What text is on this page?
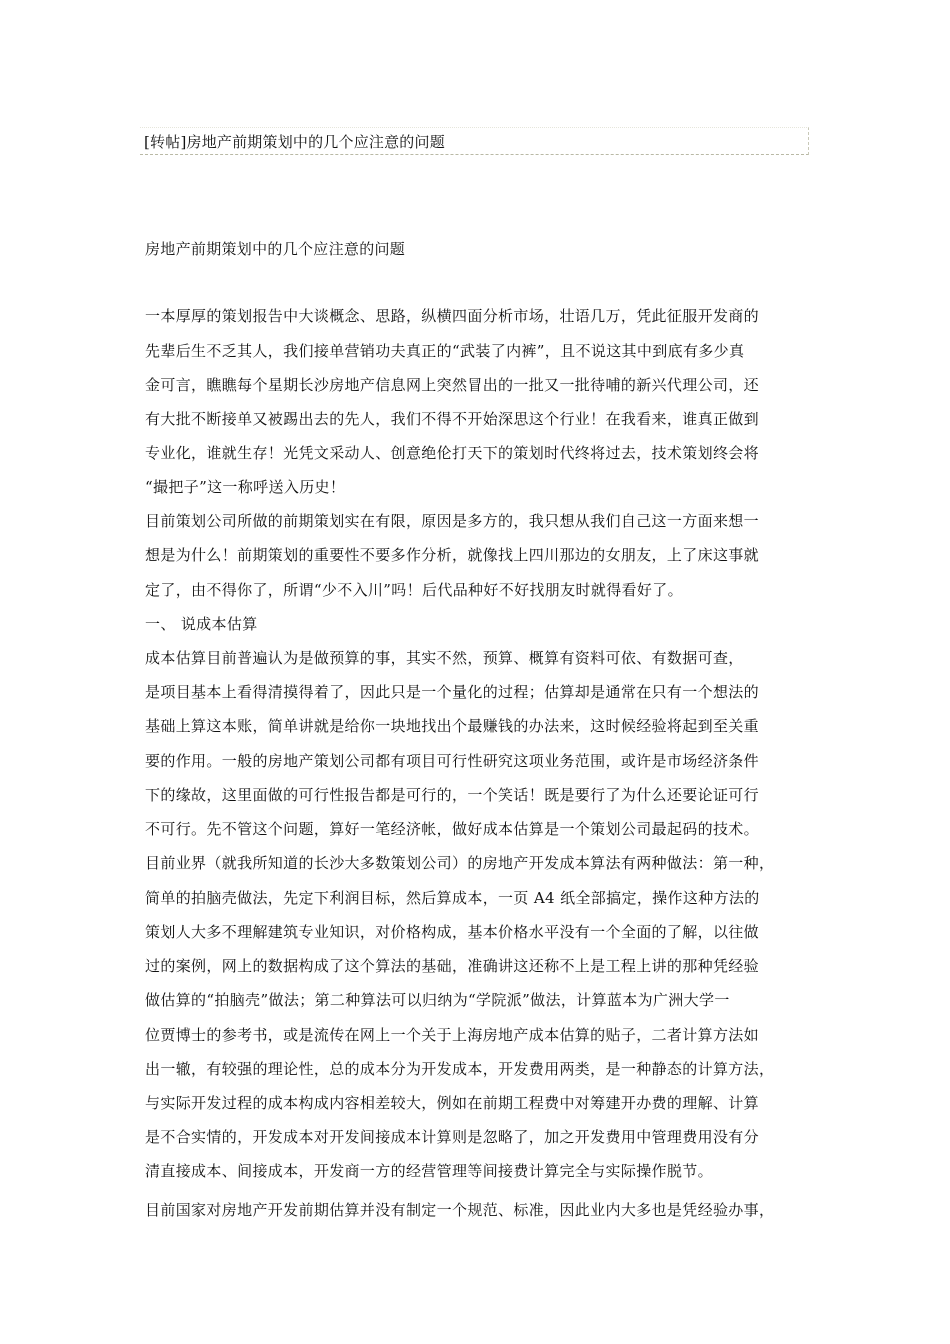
[转帖]房地产前期策划中的几个应注意的问题
房地产前期策划中的几个应注意的问题
一本厚厚的策划报告中大谈概念、思路，纵横四面分析市场，壮语几万，凭此征服开发商的
先辈后生不乏其人，我们接单营销功夫真正的“武装了内裤”，且不说这其中到底有多少真
金可言，瞧瞧每个星期长沙房地产信息网上突然冒出的一批又一批待哺的新兴代理公司，还
有大批不断接单又被踢出去的先人，我们不得不开始深思这个行业！在我看来，谁真正做到
专业化，谁就生存！光凭文采动人、创意绝伦打天下的策划时代终将过去，技术策划终会将
“撮把子”这一称呼送入历史！
目前策划公司所做的前期策划实在有限，原因是多方的，我只想从我们自己这一方面来想一
想是为什么！前期策划的重要性不要多作分析，就像找上四川那边的女朋友，上了床这事就
定了，由不得你了，所谓“少不入川”吗！后代品种好不好找朋友时就得看好了。
一、 说成本估算
成本估算目前普遍认为是做预算的事，其实不然，预算、概算有资料可依、有数据可查，
是项目基本上看得清摸得着了，因此只是一个量化的过程；估算却是通常在只有一个想法的
基础上算这本账，简单讲就是给你一块地找出个最赚钱的办法来，这时候经验将起到至关重
要的作用。一般的房地产策划公司都有项目可行性研究这项业务范围，或许是市场经济条件
下的缘故，这里面做的可行性报告都是可行的，一个笑话！既是要行了为什么还要论证可行
不可行。先不管这个问题，算好一笔经济帐，做好成本估算是一个策划公司最起码的技术。
目前业界（就我所知道的长沙大多数策划公司）的房地产开发成本算法有两种做法：第一种，
简单的拍脑壳做法，先定下利润目标，然后算成本，一页 A4 纸全部搞定，操作这种方法的
策划人大多不理解建筑专业知识，对价格构成，基本价格水平没有一个全面的了解，以往做
过的案例，网上的数据构成了这个算法的基础，准确讲这还称不上是工程上讲的那种凭经验
做估算的“拍脑壳”做法；第二种算法可以归纳为“学院派”做法，计算蓝本为广洲大学一
位贾博士的参考书，或是流传在网上一个关于上海房地产成本估算的贴子，二者计算方法如
出一辙，有较强的理论性，总的成本分为开发成本，开发费用两类，是一种静态的计算方法，
与实际开发过程的成本构成内容相差较大，例如在前期工程费中对筹建开办费的理解、计算
是不合实情的，开发成本对开发间接成本计算则是忽略了，加之开发费用中管理费用没有分
清直接成本、间接成本，开发商一方的经营管理等间接费计算完全与实际操作脱节。
目前国家对房地产开发前期估算并没有制定一个规范、标准，因此业内大多也是凭经验办事，
